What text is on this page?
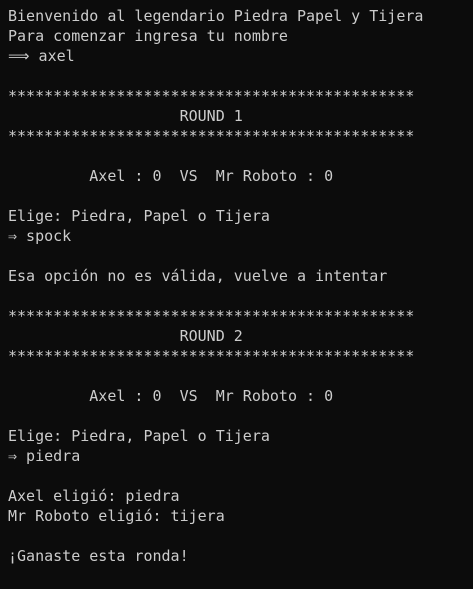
Bienvenido al legendario Piedra Papel y Tijera
Para comenzar ingresa tu nombre
⟹ axel
*********************************************
ROUND 1
*********************************************
Axel : 0  VS  Mr Roboto : 0
Elige: Piedra, Papel o Tijera
⇒ spock
Esa opción no es válida, vuelve a intentar
*********************************************
ROUND 2
*********************************************
Axel : 0  VS  Mr Roboto : 0
Elige: Piedra, Papel o Tijera
⇒ piedra
Axel eligió: piedra
Mr Roboto eligió: tijera
¡Ganaste esta ronda!
